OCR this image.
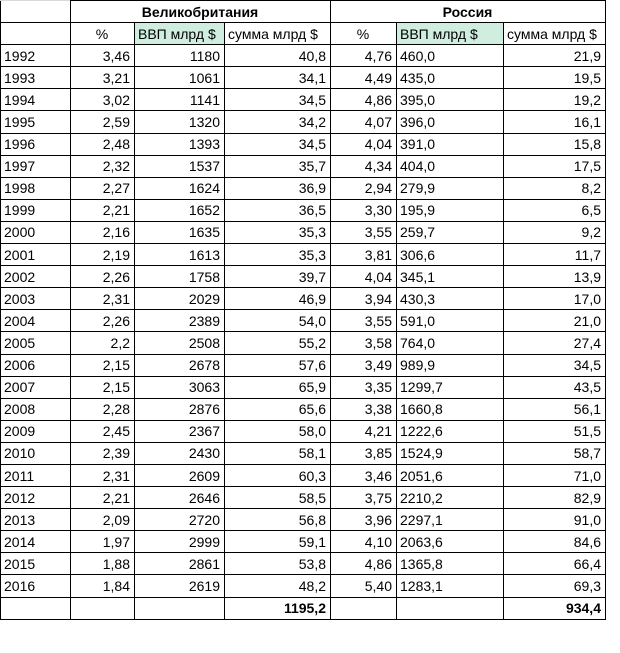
	Великобритания			Россия		
	%	ВВП млрд $	сумма млрд $	%	ВВП млрд $	сумма млрд $
1992	3,46	1180	40,8	4,76	460,0	21,9
1993	3,21	1061	34,1	4,49	435,0	19,5
1994	3,02	1141	34,5	4,86	395,0	19,2
1995	2,59	1320	34,2	4,07	396,0	16,1
1996	2,48	1393	34,5	4,04	391,0	15,8
1997	2,32	1537	35,7	4,34	404,0	17,5
1998	2,27	1624	36,9	2,94	279,9	8,2
1999	2,21	1652	36,5	3,30	195,9	6,5
2000	2,16	1635	35,3	3,55	259,7	9,2
2001	2,19	1613	35,3	3,81	306,6	11,7
2002	2,26	1758	39,7	4,04	345,1	13,9
2003	2,31	2029	46,9	3,94	430,3	17,0
2004	2,26	2389	54,0	3,55	591,0	21,0
2005	2,2	2508	55,2	3,58	764,0	27,4
2006	2,15	2678	57,6	3,49	989,9	34,5
2007	2,15	3063	65,9	3,35	1299,7	43,5
2008	2,28	2876	65,6	3,38	1660,8	56,1
2009	2,45	2367	58,0	4,21	1222,6	51,5
2010	2,39	2430	58,1	3,85	1524,9	58,7
2011	2,31	2609	60,3	3,46	2051,6	71,0
2012	2,21	2646	58,5	3,75	2210,2	82,9
2013	2,09	2720	56,8	3,96	2297,1	91,0
2014	1,97	2999	59,1	4,10	2063,6	84,6
2015	1,88	2861	53,8	4,86	1365,8	66,4
2016	1,84	2619	48,2	5,40	1283,1	69,3
			1195,2			934,4
